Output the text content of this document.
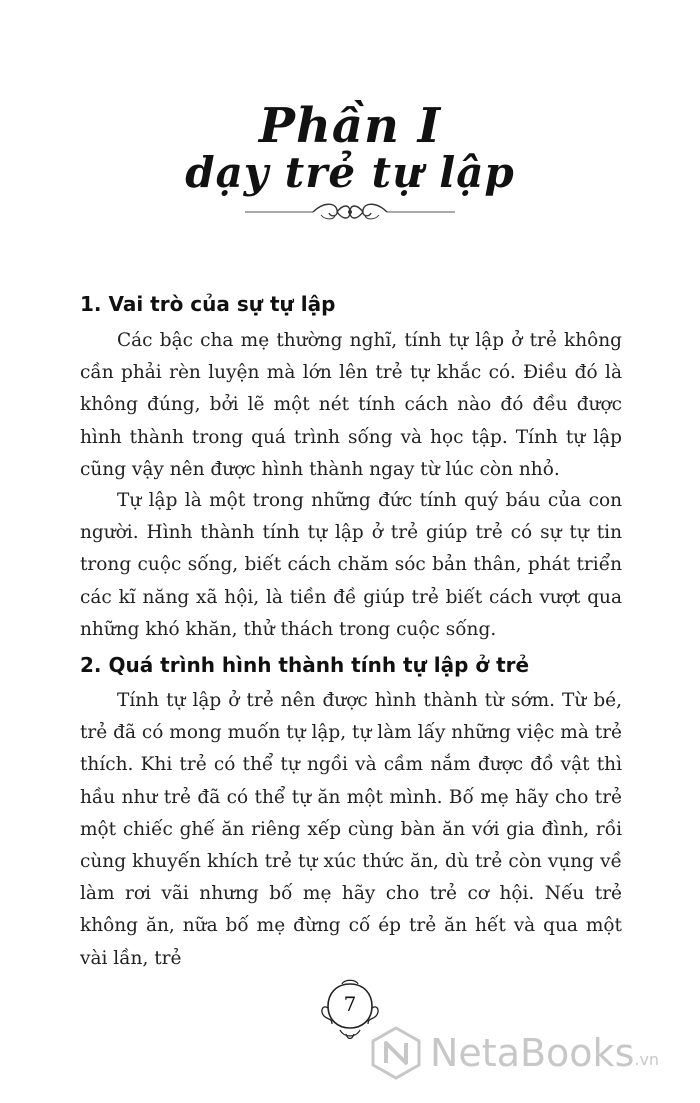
Phần I
dạy trẻ tự lập
1. Vai trò của sự tự lập

Các bậc cha mẹ thường nghĩ, tính tự lập ở trẻ không cần phải rèn luyện mà lớn lên trẻ tự khắc có. Điều đó là không đúng, bởi lẽ một nét tính cách nào đó đều được hình thành trong quá trình sống và học tập. Tính tự lập cũng vậy nên được hình thành ngay từ lúc còn nhỏ.

Tự lập là một trong những đức tính quý báu của con người. Hình thành tính tự lập ở trẻ giúp trẻ có sự tự tin trong cuộc sống, biết cách chăm sóc bản thân, phát triển các kĩ năng xã hội, là tiền đề giúp trẻ biết cách vượt qua những khó khăn, thử thách trong cuộc sống.

2. Quá trình hình thành tính tự lập ở trẻ

Tính tự lập ở trẻ nên được hình thành từ sớm. Từ bé, trẻ đã có mong muốn tự lập, tự làm lấy những việc mà trẻ thích. Khi trẻ có thể tự ngồi và cầm nắm được đồ vật thì hầu như trẻ đã có thể tự ăn một mình. Bố mẹ hãy cho trẻ một chiếc ghế ăn riêng xếp cùng bàn ăn với gia đình, rồi cùng khuyến khích trẻ tự xúc thức ăn, dù trẻ còn vụng về làm rơi vãi nhưng bố mẹ hãy cho trẻ cơ hội. Nếu trẻ không ăn, nữa bố mẹ đừng cố ép trẻ ăn hết và qua một vài lần, trẻ

7
NetaBooks .vn
